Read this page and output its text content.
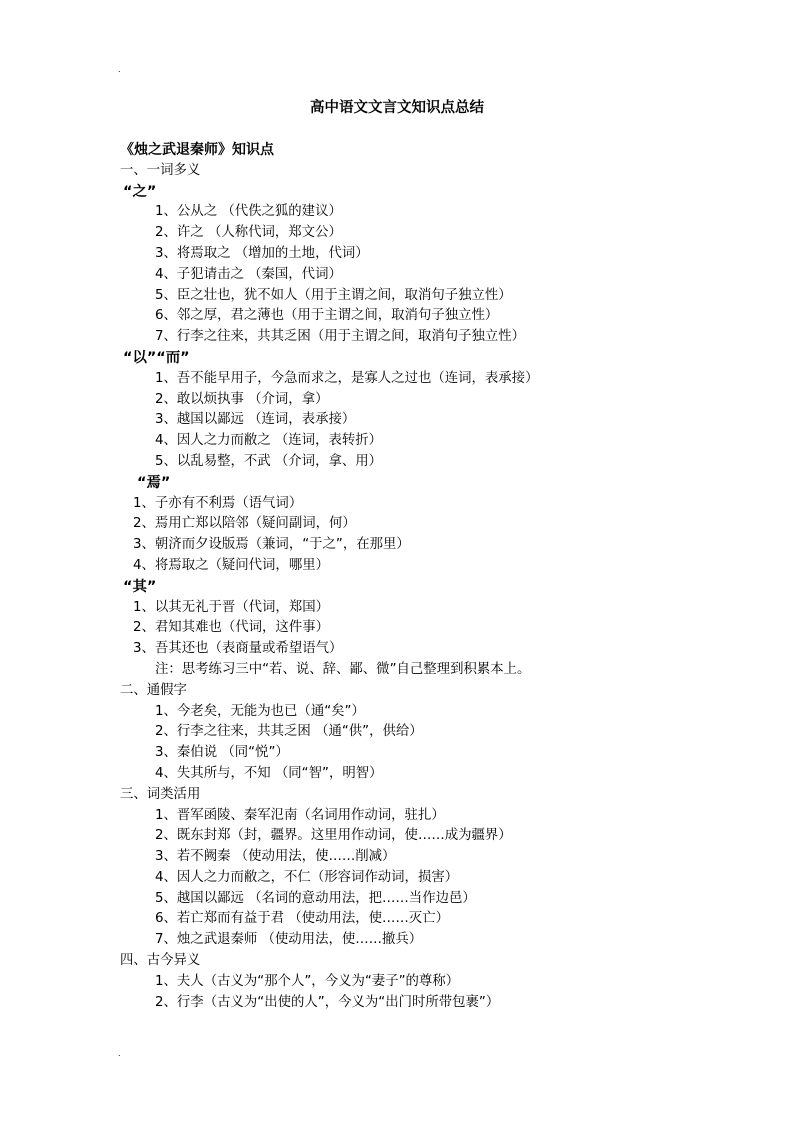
.
高中语文文言文知识点总结
《烛之武退秦师》知识点
一、一词多义
“之”
1、公从之 （代佚之狐的建议）
2、许之 （人称代词，郑文公）
3、将焉取之 （增加的土地，代词）
4、子犯请击之 （秦国，代词）
5、臣之壮也，犹不如人（用于主谓之间，取消句子独立性）
6、邻之厚，君之薄也（用于主谓之间，取消句子独立性）
7、行李之往来，共其乏困（用于主谓之间，取消句子独立性）
“以”“而”
1、吾不能早用子，今急而求之，是寡人之过也（连词，表承接）
2、敢以烦执事 （介词，拿）
3、越国以鄙远 （连词，表承接）
4、因人之力而敝之 （连词，表转折）
5、以乱易整，不武 （介词，拿、用）
“焉”
1、子亦有不利焉（语气词）
2、焉用亡郑以陪邻（疑问副词，何）
3、朝济而夕设版焉（兼词，“于之”，在那里）
4、将焉取之（疑问代词，哪里）
“其”
1、以其无礼于晋（代词，郑国）
2、君知其难也（代词，这件事）
3、吾其还也（表商量或希望语气）
注：思考练习三中“若、说、辞、鄙、微”自己整理到积累本上。
二、通假字
1、今老矣，无能为也已（通“矣”）
2、行李之往来，共其乏困 （通“供”，供给）
3、秦伯说 （同“悦”）
4、失其所与，不知 （同“智”，明智）
三、词类活用
1、晋军函陵、秦军氾南（名词用作动词，驻扎）
2、既东封郑（封，疆界。这里用作动词，使……成为疆界）
3、若不阙秦 （使动用法，使……削减）
4、因人之力而敝之，不仁（形容词作动词，损害）
5、越国以鄙远 （名词的意动用法，把……当作边邑）
6、若亡郑而有益于君 （使动用法，使……灭亡）
7、烛之武退秦师 （使动用法，使……撤兵）
四、古今异义
1、夫人（古义为“那个人”，今义为“妻子”的尊称）
2、行李（古义为“出使的人”，今义为“出门时所带包裹”）
.
